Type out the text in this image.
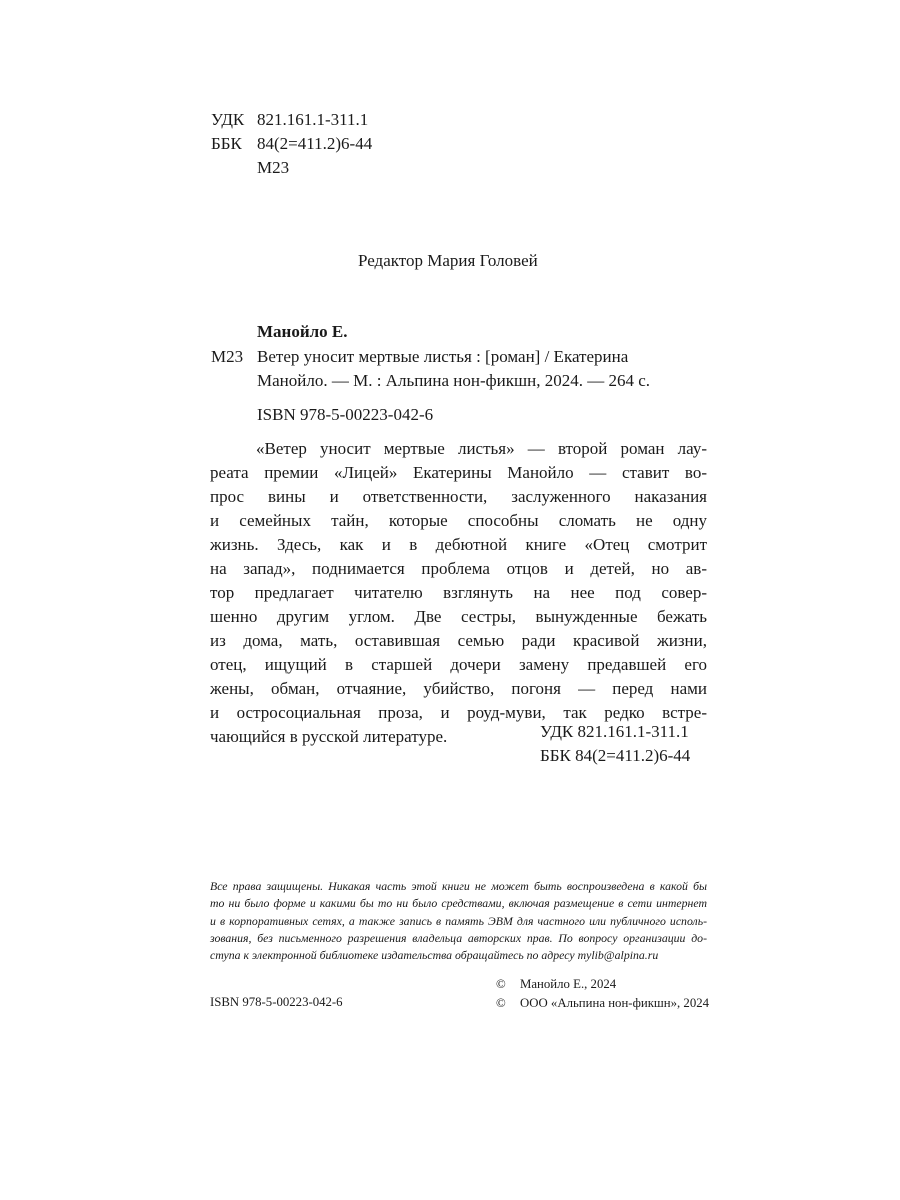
УДК 821.161.1-311.1
ББК 84(2=411.2)6-44
М23
Редактор Мария Головей
Манойло Е.
М23 Ветер уносит мертвые листья : [роман] / Екатерина
Манойло. — М. : Альпина нон-фикшн, 2024. — 264 с.
ISBN 978-5-00223-042-6

«Ветер уносит мертвые листья» — второй роман лау-

реата премии «Лицей» Екатерины Манойло — ставит во-

прос вины и ответственности, заслуженного наказания

и семейных тайн, которые способны сломать не одну

жизнь. Здесь, как и в дебютной книге «Отец смотрит

на запад», поднимается проблема отцов и детей, но ав-

тор предлагает читателю взглянуть на нее под совер-

шенно другим углом. Две сестры, вынужденные бежать

из дома, мать, оставившая семью ради красивой жизни,

отец, ищущий в старшей дочери замену предавшей его

жены, обман, отчаяние, убийство, погоня — перед нами

и остросоциальная проза, и роуд-муви, так редко встре-

чающийся в русской литературе.	УДК 821.161.1-311.1
ББК 84(2=411.2)6-44

Все права защищены. Никакая часть этой книги не может быть воспроизведена в какой бы

то ни было форме и какими бы то ни было средствами, включая размещение в сети интернет

и в корпоративных сетях, а также запись в память ЭВМ для частного или публичного исполь-

зования, без письменного разрешения владельца авторских прав. По вопросу организации до-

ступа к электронной библиотеке издательства обращайтесь по адресу mylib@alpina.ru

© Манойло Е., 2024
© ООО «Альпина нон-фикшн», 2024
ISBN 978-5-00223-042-6
